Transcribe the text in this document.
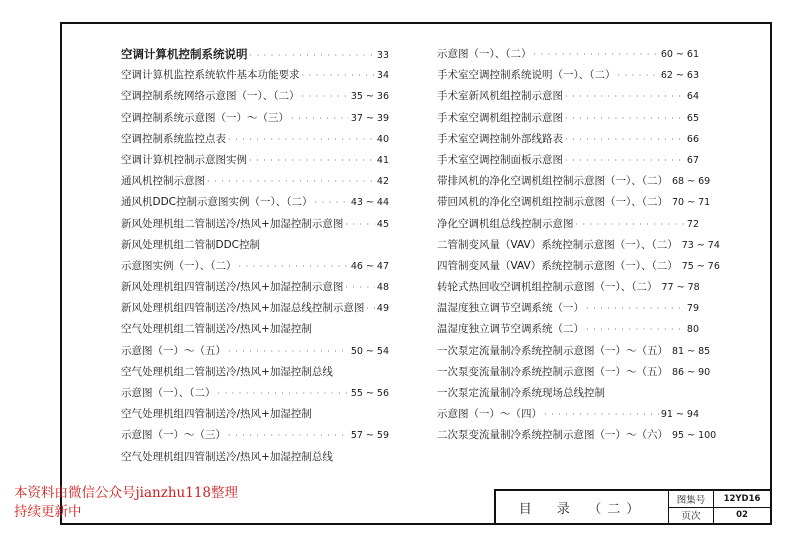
空调计算机控制系统说明 · · ·	33
空调计算机监控系统软件基本功能要求 · · ·	34
空调控制系统网络示意图（一）、（二） · · ·	35 ~ 36
空调控制系统示意图（一）～（三） · · ·	37 ~ 39
空调控制系统监控点表 · · ·	40
空调计算机控制示意图实例 · · ·	41
通风机控制示意图 · · ·	42
通风机DDC控制示意图实例（一）、（二） · · ·	43 ~ 44
新风处理机组二管制送冷/热风+加湿控制示意图 · · ·	45
新风处理机组二管制DDC控制
示意图实例（一）、（二） · · ·	46 ~ 47
新风处理机组四管制送冷/热风+加湿控制示意图 · · ·	48
新风处理机组四管制送冷/热风+加湿总线控制示意图 · · · 49
空气处理机组二管制送冷/热风+加湿控制
示意图（一）～（五） · · ·	50 ~ 54
空气处理机组二管制送冷/热风+加湿控制总线
示意图（一）、（二） · · ·	55 ~ 56
空气处理机组四管制送冷/热风+加湿控制
示意图（一）～（三） · · ·	57 ~ 59
空气处理机组四管制送冷/热风+加湿控制总线
示意图（一）、（二） · · ·	60 ~ 61
手术室空调控制系统说明（一）、（二） · · ·	62 ~ 63
手术室新风机组控制示意图 · · ·	64
手术室空调机组控制示意图 · · ·	65
手术室空调控制外部线路表 · · ·	66
手术室空调控制面板示意图 · · ·	67
带排风机的净化空调机组控制示意图（一）、（二） 68 ~ 69
带回风机的净化空调机组控制示意图（一）、（二） 70 ~ 71
净化空调机组总线控制示意图 · · ·	72
二管制变风量（VAV）系统控制示意图（一）、（二） 73 ~ 74
四管制变风量（VAV）系统控制示意图（一）、（二） 75 ~ 76
转轮式热回收空调机组控制示意图（一）、（二） 77 ~ 78
温湿度独立调节空调系统（一） · · ·	79
温湿度独立调节空调系统（二） · · ·	80
一次泵定流量制冷系统控制示意图（一）～（五） 81 ~ 85
一次泵变流量制冷系统控制示意图（一）～（五） 86 ~ 90
一次泵定流量制冷系统现场总线控制
示意图（一）～（四） · · ·	91 ~ 94
二次泵变流量制冷系统控制示意图（一）～（六） 95 ~ 100
目　录　（二）
图集号	12YD16
页次	02
本资料由微信公众号jianzhu118整理
持续更新中
